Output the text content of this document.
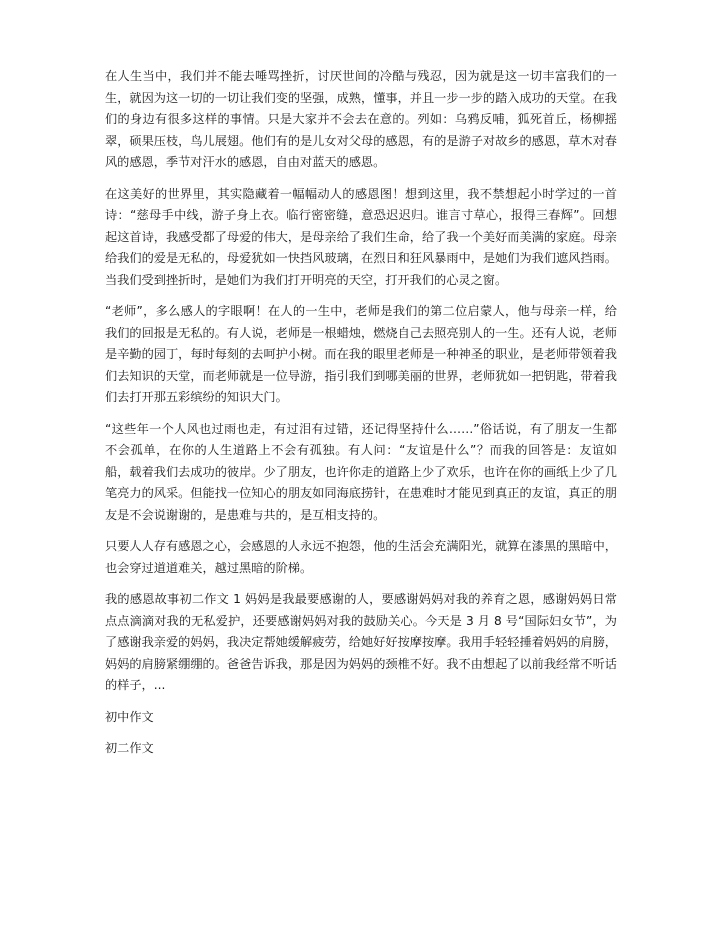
在人生当中，我们并不能去唾骂挫折，讨厌世间的冷酷与残忍，因为就是这一切丰富我们的一生，就因为这一切的一切让我们变的坚强，成熟，懂事，并且一步一步的踏入成功的天堂。在我们的身边有很多这样的事情。只是大家并不会去在意的。列如：乌鸦反哺，狐死首丘，杨柳摇翠，硕果压枝，鸟儿展翅。他们有的是儿女对父母的感恩，有的是游子对故乡的感恩，草木对春风的感恩，季节对汗水的感恩，自由对蓝天的感恩。

在这美好的世界里，其实隐藏着一幅幅动人的感恩图！想到这里，我不禁想起小时学过的一首诗：“慈母手中线，游子身上衣。临行密密缝，意恐迟迟归。谁言寸草心，报得三春辉”。回想起这首诗，我感受都了母爱的伟大，是母亲给了我们生命，给了我一个美好而美满的家庭。母亲给我们的爱是无私的，母爱犹如一快挡风玻璃，在烈日和狂风暴雨中，是她们为我们遮风挡雨。当我们受到挫折时，是她们为我们打开明亮的天空，打开我们的心灵之窗。

“老师”，多么感人的字眼啊！在人的一生中，老师是我们的第二位启蒙人，他与母亲一样，给我们的回报是无私的。有人说，老师是一根蜡烛，燃烧自己去照亮别人的一生。还有人说，老师是辛勤的园丁，每时每刻的去呵护小树。而在我的眼里老师是一种神圣的职业，是老师带领着我们去知识的天堂，而老师就是一位导游，指引我们到哪美丽的世界，老师犹如一把钥匙，带着我们去打开那五彩缤纷的知识大门。

“这些年一个人风也过雨也走，有过泪有过错，还记得坚持什么……”俗话说，有了朋友一生都不会孤单，在你的人生道路上不会有孤独。有人问：“友谊是什么”？而我的回答是：友谊如船，载着我们去成功的彼岸。少了朋友，也许你走的道路上少了欢乐，也许在你的画纸上少了几笔亮力的风采。但能找一位知心的朋友如同海底捞针，在患难时才能见到真正的友谊，真正的朋友是不会说谢谢的，是患难与共的，是互相支持的。

只要人人存有感恩之心，会感恩的人永远不抱怨，他的生活会充满阳光，就算在漆黑的黑暗中，也会穿过道道难关，越过黑暗的阶梯。

我的感恩故事初二作文 1 妈妈是我最要感谢的人，要感谢妈妈对我的养育之恩，感谢妈妈日常点点滴滴对我的无私爱护，还要感谢妈妈对我的鼓励关心。今天是 3 月 8 号“国际妇女节”，为了感谢我亲爱的妈妈，我决定帮她缓解疲劳，给她好好按摩按摩。我用手轻轻捶着妈妈的肩膀，妈妈的肩膀紧绷绷的。爸爸告诉我，那是因为妈妈的颈椎不好。我不由想起了以前我经常不听话的样子，...

初中作文

初二作文
